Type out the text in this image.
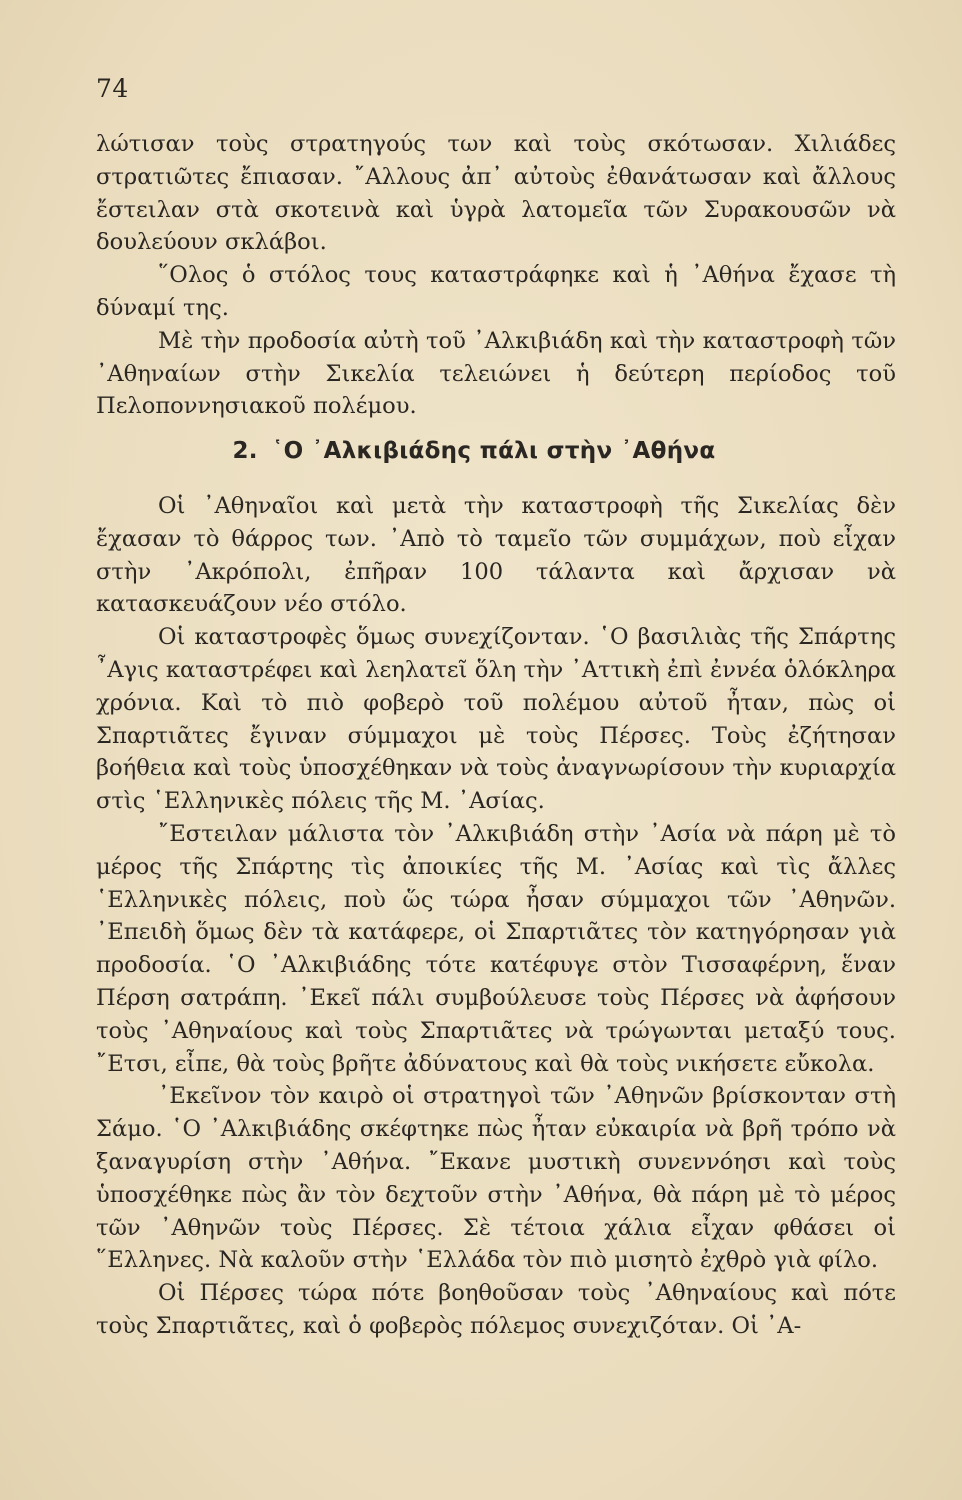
74

λώτισαν τοὺς στρατηγούς των καὶ τοὺς σκότωσαν. Χιλιάδες στρατιῶτες ἔπιασαν. ῎Αλλους ἀπ᾿ αὐτοὺς ἐθανάτωσαν καὶ ἄλλους ἔστειλαν στὰ σκοτεινὰ καὶ ὑγρὰ λατομεῖα τῶν Συρακουσῶν νὰ δουλεύουν σκλάβοι.

῞Ολος ὁ στόλος τους καταστράφηκε καὶ ἡ ᾿Αθήνα ἔχασε τὴ δύναμί της.

Μὲ τὴν προδοσία αὐτὴ τοῦ ᾿Αλκιβιάδη καὶ τὴν καταστροφὴ τῶν ᾿Αθηναίων στὴν Σικελία τελειώνει ἡ δεύτερη περίοδος τοῦ Πελοποννησιακοῦ πολέμου.

2. ῾Ο ᾿Αλκιβιάδης πάλι στὴν ᾿Αθήνα

Οἱ ᾿Αθηναῖοι καὶ μετὰ τὴν καταστροφὴ τῆς Σικελίας δὲν ἔχασαν τὸ θάρρος των. ᾿Απὸ τὸ ταμεῖο τῶν συμμάχων, ποὺ εἶχαν στὴν ᾿Ακρόπολι, ἐπῆραν 100 τάλαντα καὶ ἄρχισαν νὰ κατασκευάζουν νέο στόλο.

Οἱ καταστροφὲς ὅμως συνεχίζονταν. ῾Ο βασιλιὰς τῆς Σπάρτης ῏Αγις καταστρέφει καὶ λεηλατεῖ ὅλη τὴν ᾿Αττικὴ ἐπὶ ἐννέα ὁλόκληρα χρόνια. Καὶ τὸ πιὸ φοβερὸ τοῦ πολέμου αὐτοῦ ἦταν, πὼς οἱ Σπαρτιᾶτες ἔγιναν σύμμαχοι μὲ τοὺς Πέρσες. Τοὺς ἐζήτησαν βοήθεια καὶ τοὺς ὑποσχέθηκαν νὰ τοὺς ἀναγνωρίσουν τὴν κυριαρχία στὶς ῾Ελληνικὲς πόλεις τῆς Μ. ᾿Ασίας.

῎Εστειλαν μάλιστα τὸν ᾿Αλκιβιάδη στὴν ᾿Ασία νὰ πάρη μὲ τὸ μέρος τῆς Σπάρτης τὶς ἀποικίες τῆς Μ. ᾿Ασίας καὶ τὶς ἄλλες ῾Ελληνικὲς πόλεις, ποὺ ὥς τώρα ἦσαν σύμμαχοι τῶν ᾿Αθηνῶν. ᾿Επειδὴ ὅμως δὲν τὰ κατάφερε, οἱ Σπαρτιᾶτες τὸν κατηγόρησαν γιὰ προδοσία. ῾Ο ᾿Αλκιβιάδης τότε κατέφυγε στὸν Τισσαφέρνη, ἕναν Πέρση σατράπη. ᾿Εκεῖ πάλι συμβούλευσε τοὺς Πέρσες νὰ ἀφήσουν τοὺς ᾿Αθηναίους καὶ τοὺς Σπαρτιᾶτες νὰ τρώγωνται μεταξύ τους. ῎Ετσι, εἶπε, θὰ τοὺς βρῆτε ἀδύνατους καὶ θὰ τοὺς νικήσετε εὔκολα.

᾿Εκεῖνον τὸν καιρὸ οἱ στρατηγοὶ τῶν ᾿Αθηνῶν βρίσκονταν στὴ Σάμο. ῾Ο ᾿Αλκιβιάδης σκέφτηκε πὼς ἦταν εὐκαιρία νὰ βρῆ τρόπο νὰ ξαναγυρίση στὴν ᾿Αθήνα. ῎Εκανε μυστικὴ συνεννόησι καὶ τοὺς ὑποσχέθηκε πὼς ἂν τὸν δεχτοῦν στὴν ᾿Αθήνα, θὰ πάρη μὲ τὸ μέρος τῶν ᾿Αθηνῶν τοὺς Πέρσες. Σὲ τέτοια χάλια εἶχαν φθάσει οἱ ῞Ελληνες. Νὰ καλοῦν στὴν ῾Ελλάδα τὸν πιὸ μισητὸ ἐχθρὸ γιὰ φίλο.

Οἱ Πέρσες τώρα πότε βοηθοῦσαν τοὺς ᾿Αθηναίους καὶ πότε τοὺς Σπαρτιᾶτες, καὶ ὁ φοβερὸς πόλεμος συνεχιζόταν. Οἱ ᾿Α-
